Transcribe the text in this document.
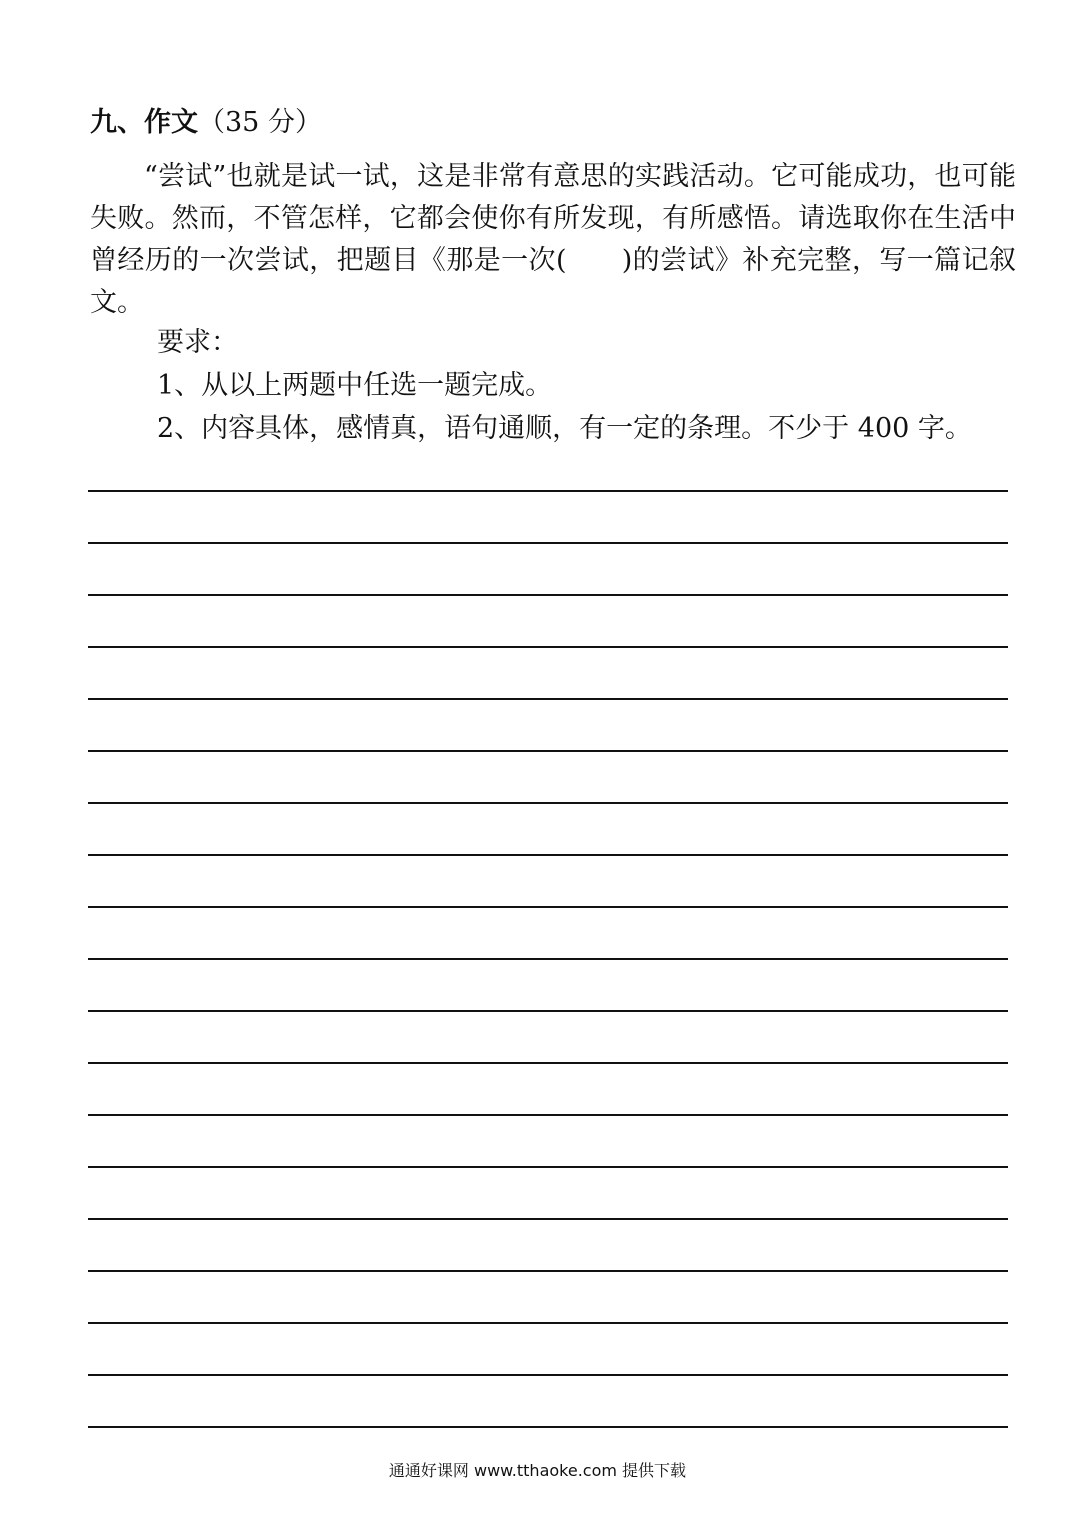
九、作文（35 分）
“尝试”也就是试一试，这是非常有意思的实践活动。它可能成功，也可能失败。然而，不管怎样，它都会使你有所发现，有所感悟。请选取你在生活中曾经历的一次尝试，把题目《那是一次(　　)的尝试》补充完整，写一篇记叙文。
要求：
1、从以上两题中任选一题完成。
2、内容具体，感情真，语句通顺，有一定的条理。不少于 400 字。
通通好课网 www.tthaoke.com 提供下载
